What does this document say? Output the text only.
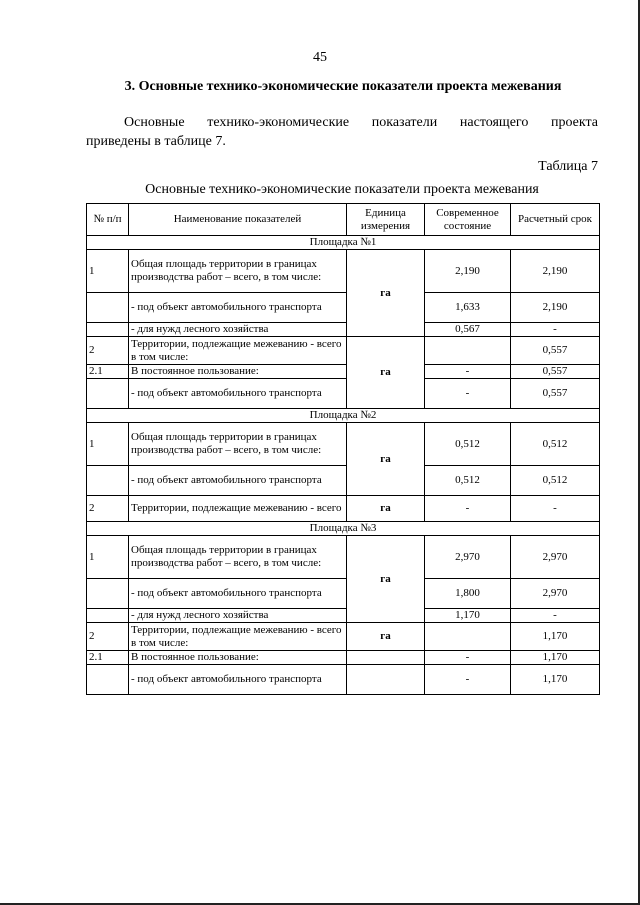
45
3. Основные технико-экономические показатели проекта межевания
Основные технико-экономические показатели настоящего проекта
приведены в таблице 7.
Таблица 7
Основные технико-экономические показатели проекта межевания
№ п/п	Наименование показателей	Единица измерения	Современное состояние	Расчетный срок
Площадка №1				
1	Общая площадь территории в границах производства работ – всего, в том числе:	га	2,190	2,190
	- под объект автомобильного транспорта		1,633	2,190
	- для нужд лесного хозяйства		0,567	-
2	Территории, подлежащие межеванию - всего в том числе:	га		0,557
2.1	В постоянное пользование:		-	0,557
	- под объект автомобильного транспорта		-	0,557
Площадка №2				
1	Общая площадь территории в границах производства работ – всего, в том числе:	га	0,512	0,512
	- под объект автомобильного транспорта		0,512	0,512
2	Территории, подлежащие межеванию - всего	га	-	-
Площадка №3				
1	Общая площадь территории в границах производства работ – всего, в том числе:	га	2,970	2,970
	- под объект автомобильного транспорта		1,800	2,970
	- для нужд лесного хозяйства		1,170	-
2	Территории, подлежащие межеванию - всего в том числе:	га		1,170
2.1	В постоянное пользование:		-	1,170
	- под объект автомобильного транспорта		-	1,170
